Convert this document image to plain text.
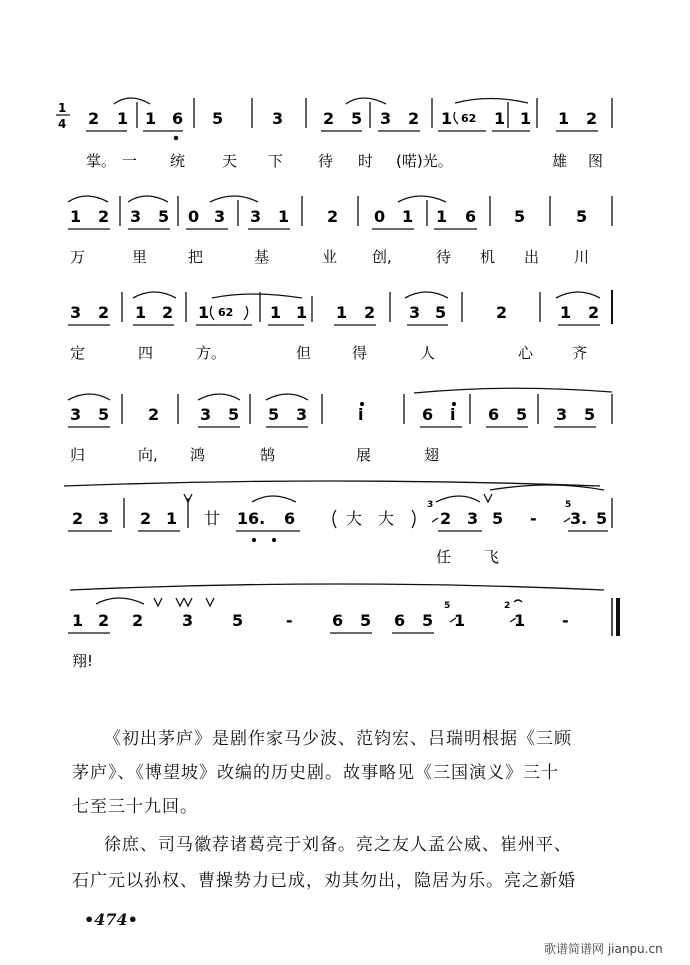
1
4 2 1 1 6 5	3 2 5 3 2 1 62 1 1 1 2
掌。 一 统 天 下 待 时 (喏)光。	雄 图
1 2 3 5 0 3 3 1 2 0 1 1 6 5	5
万	里	把	基	业 创,	待 机 出 川
3 2 1 2 1 62 1 1 1 2 3 5	2	1 2
定	四	方。	但	得	人	心	齐
3 5 2	3 5 5 3	i	6 i 6 5 3 5
归	向, 鸿	鹄	展	翅
2 3 2 1 廿 1 6. 6	大 大
3
2 3 5 -
5
3. 5
任 飞
1 2 2 3 5	- 6 5 6 5
5
1
2
1 -
翔!
《初出茅庐》是剧作家马少波、范钧宏、吕瑞明根据《三顾
茅庐》、《博望坡》改编的历史剧。故事略见《三国演义》三十
七至三十九回。
徐庶、司马徽荐诸葛亮于刘备。亮之友人孟公威、崔州平、
石广元以孙权、曹操势力已成，劝其勿出，隐居为乐。亮之新婚
•474•
歌谱简谱网 jianpu.cn
